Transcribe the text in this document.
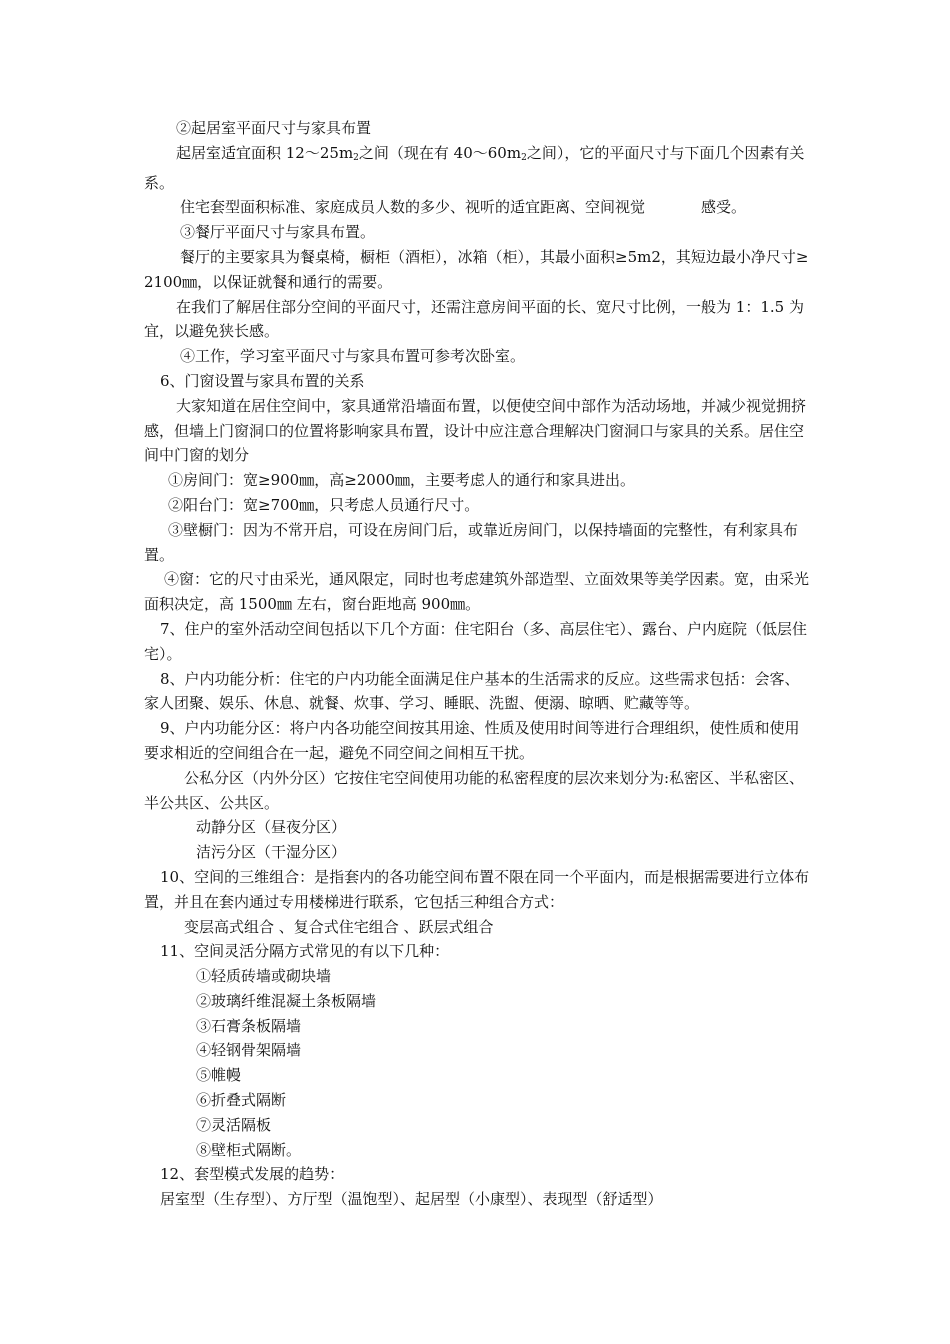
②起居室平面尺寸与家具布置

起居室适宜面积 $12\sim 25m_2$之间（现在有 $40\sim 60m_2$之间），它的平面尺寸与下面几个因素有关系。

住宅套型面积标准、家庭成员人数的多少、视听的适宜距离、空间视觉	感受。

③餐厅平面尺寸与家具布置。

餐厅的主要家具为餐桌椅，橱柜（酒柜），冰箱（柜），其最小面积≥5m2，其短边最小净尺寸≥2100㎜，以保证就餐和通行的需要。

在我们了解居住部分空间的平面尺寸，还需注意房间平面的长、宽尺寸比例，一般为 1：1.5 为宜，以避免狭长感。

④工作，学习室平面尺寸与家具布置可参考次卧室。

6、门窗设置与家具布置的关系

大家知道在居住空间中，家具通常沿墙面布置，以便使空间中部作为活动场地，并减少视觉拥挤感，但墙上门窗洞口的位置将影响家具布置，设计中应注意合理解决门窗洞口与家具的关系。居住空间中门窗的划分

①房间门：宽≥900㎜，高≥2000㎜，主要考虑人的通行和家具进出。

②阳台门：宽≥700㎜，只考虑人员通行尺寸。

③壁橱门：因为不常开启，可设在房间门后，或靠近房间门，以保持墙面的完整性，有利家具布置。

④窗：它的尺寸由采光，通风限定，同时也考虑建筑外部造型、立面效果等美学因素。宽，由采光面积决定，高 1500㎜ 左右，窗台距地高 900㎜。

7、住户的室外活动空间包括以下几个方面：住宅阳台（多、高层住宅）、露台、户内庭院（低层住宅）。

8、户内功能分析：住宅的户内功能全面满足住户基本的生活需求的反应。这些需求包括：会客、家人团聚、娱乐、休息、就餐、炊事、学习、睡眠、洗盥、便溺、晾晒、贮藏等等。

9、户内功能分区：将户内各功能空间按其用途、性质及使用时间等进行合理组织，使性质和使用要求相近的空间组合在一起，避免不同空间之间相互干扰。

公私分区（内外分区）它按住宅空间使用功能的私密程度的层次来划分为:私密区、半私密区、半公共区、公共区。

动静分区（昼夜分区）

洁污分区（干湿分区）

10、空间的三维组合：是指套内的各功能空间布置不限在同一个平面内，而是根据需要进行立体布置，并且在套内通过专用楼梯进行联系，它包括三种组合方式：

变层高式组合 、复合式住宅组合 、跃层式组合

11、空间灵活分隔方式常见的有以下几种：

①轻质砖墙或砌块墙

②玻璃纤维混凝土条板隔墙

③石膏条板隔墙

④轻钢骨架隔墙

⑤帷幔

⑥折叠式隔断

⑦灵活隔板

⑧壁柜式隔断。

12、套型模式发展的趋势：

居室型（生存型）、方厅型（温饱型）、起居型（小康型）、表现型（舒适型）
